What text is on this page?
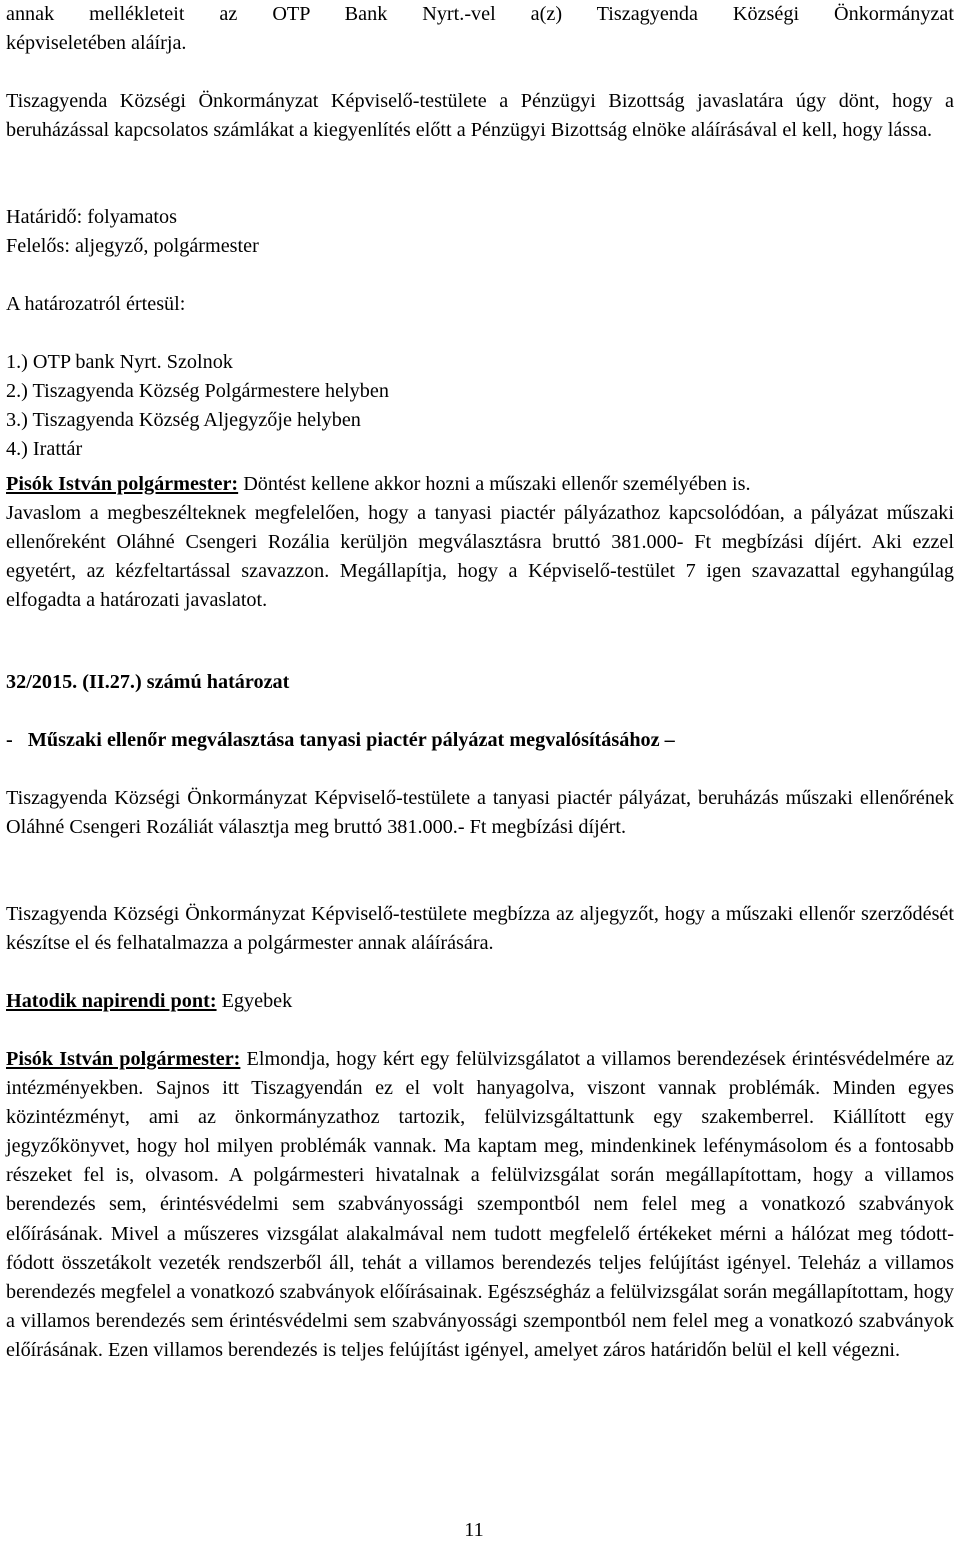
annak mellékleteit az OTP Bank Nyrt.-vel a(z) Tiszagyenda Községi Önkormányzat
képviseletében aláírja.
Tiszagyenda Községi Önkormányzat Képviselő-testülete a Pénzügyi Bizottság javaslatára úgy dönt, hogy a beruházással kapcsolatos számlákat a kiegyenlítés előtt a Pénzügyi Bizottság elnöke aláírásával el kell, hogy lássa.
Határidő: folyamatos
Felelős: aljegyző, polgármester
A határozatról értesül:
1.) OTP bank Nyrt. Szolnok
2.) Tiszagyenda Község Polgármestere helyben
3.) Tiszagyenda Község Aljegyzője helyben
4.) Irattár
Pisók István polgármester: Döntést kellene akkor hozni a műszaki ellenőr személyében is.
Javaslom a megbeszélteknek megfelelően, hogy a tanyasi piactér pályázathoz kapcsolódóan, a pályázat műszaki ellenőreként Oláhné Csengeri Rozália kerüljön megválasztásra bruttó 381.000- Ft megbízási díjért. Aki ezzel egyetért, az kézfeltartással szavazzon. Megállapítja, hogy a Képviselő-testület 7 igen szavazattal egyhangúlag elfogadta a határozati javaslatot.
32/2015. (II.27.) számú határozat
-   Műszaki ellenőr megválasztása tanyasi piactér pályázat megvalósításához –
Tiszagyenda Községi Önkormányzat Képviselő-testülete a tanyasi piactér pályázat, beruházás műszaki ellenőrének Oláhné Csengeri Rozáliát választja meg bruttó 381.000.- Ft megbízási díjért.
Tiszagyenda Községi Önkormányzat Képviselő-testülete megbízza az aljegyzőt, hogy a műszaki ellenőr szerződését készítse el és felhatalmazza a polgármester annak aláírására.
Hatodik napirendi pont: Egyebek
Pisók István polgármester: Elmondja, hogy kért egy felülvizsgálatot a villamos berendezések érintésvédelmére az intézményekben. Sajnos itt Tiszagyendán ez el volt hanyagolva, viszont vannak problémák. Minden egyes közintézményt, ami az önkormányzathoz tartozik, felülvizsgáltattunk egy szakemberrel. Kiállított egy jegyzőkönyvet, hogy hol milyen problémák vannak. Ma kaptam meg, mindenkinek lefénymásolom és a fontosabb részeket fel is, olvasom. A polgármesteri hivatalnak a felülvizsgálat során megállapítottam, hogy a villamos berendezés sem, érintésvédelmi sem szabványossági szempontból nem felel meg a vonatkozó szabványok előírásának. Mivel a műszeres vizsgálat alakalmával nem tudott megfelelő értékeket mérni a hálózat meg tódott-fódott összetákolt vezeték rendszerből áll, tehát a villamos berendezés teljes felújítást igényel. Teleház a villamos berendezés megfelel a vonatkozó szabványok előírásainak. Egészségház a felülvizsgálat során megállapítottam, hogy a villamos berendezés sem érintésvédelmi sem szabványossági szempontból nem felel meg a vonatkozó szabványok előírásának. Ezen villamos berendezés is teljes felújítást igényel, amelyet záros határidőn belül el kell végezni.
11
